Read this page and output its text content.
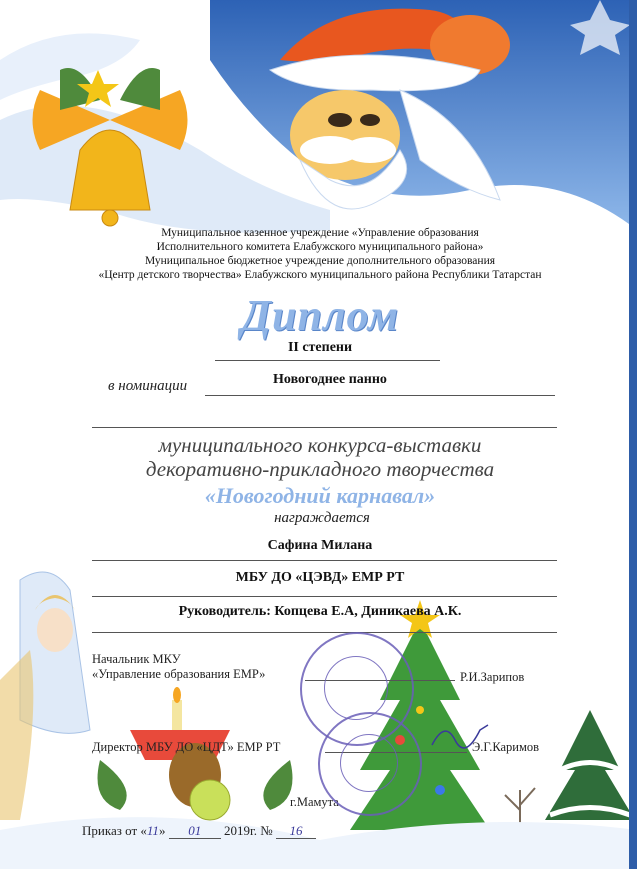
Муниципальное казенное учреждение «Управление образования
Исполнительного комитета Елабужского муниципального района»
Муниципальное бюджетное учреждение дополнительного образования
«Центр детского творчества» Елабужского муниципального района Республики Татарстан
Диплом
II степени
в номинации	Новогоднее панно
муниципального конкурса-выставки
декоративно-прикладного творчества
«Новогодний карнавал»
награждается
Сафина Милана
МБУ ДО «ЦЭВД» ЕМР РТ
Руководитель: Копцева Е.А, Диникаева А.К.
Начальник МКУ
«Управление образования ЕМР»	Р.И.Зарипов
Директор МБУ ДО «ЦДТ» ЕМР РТ	Э.Г.Каримов
г.Мамута
Приказ от «11» 01 2019г. № 16
